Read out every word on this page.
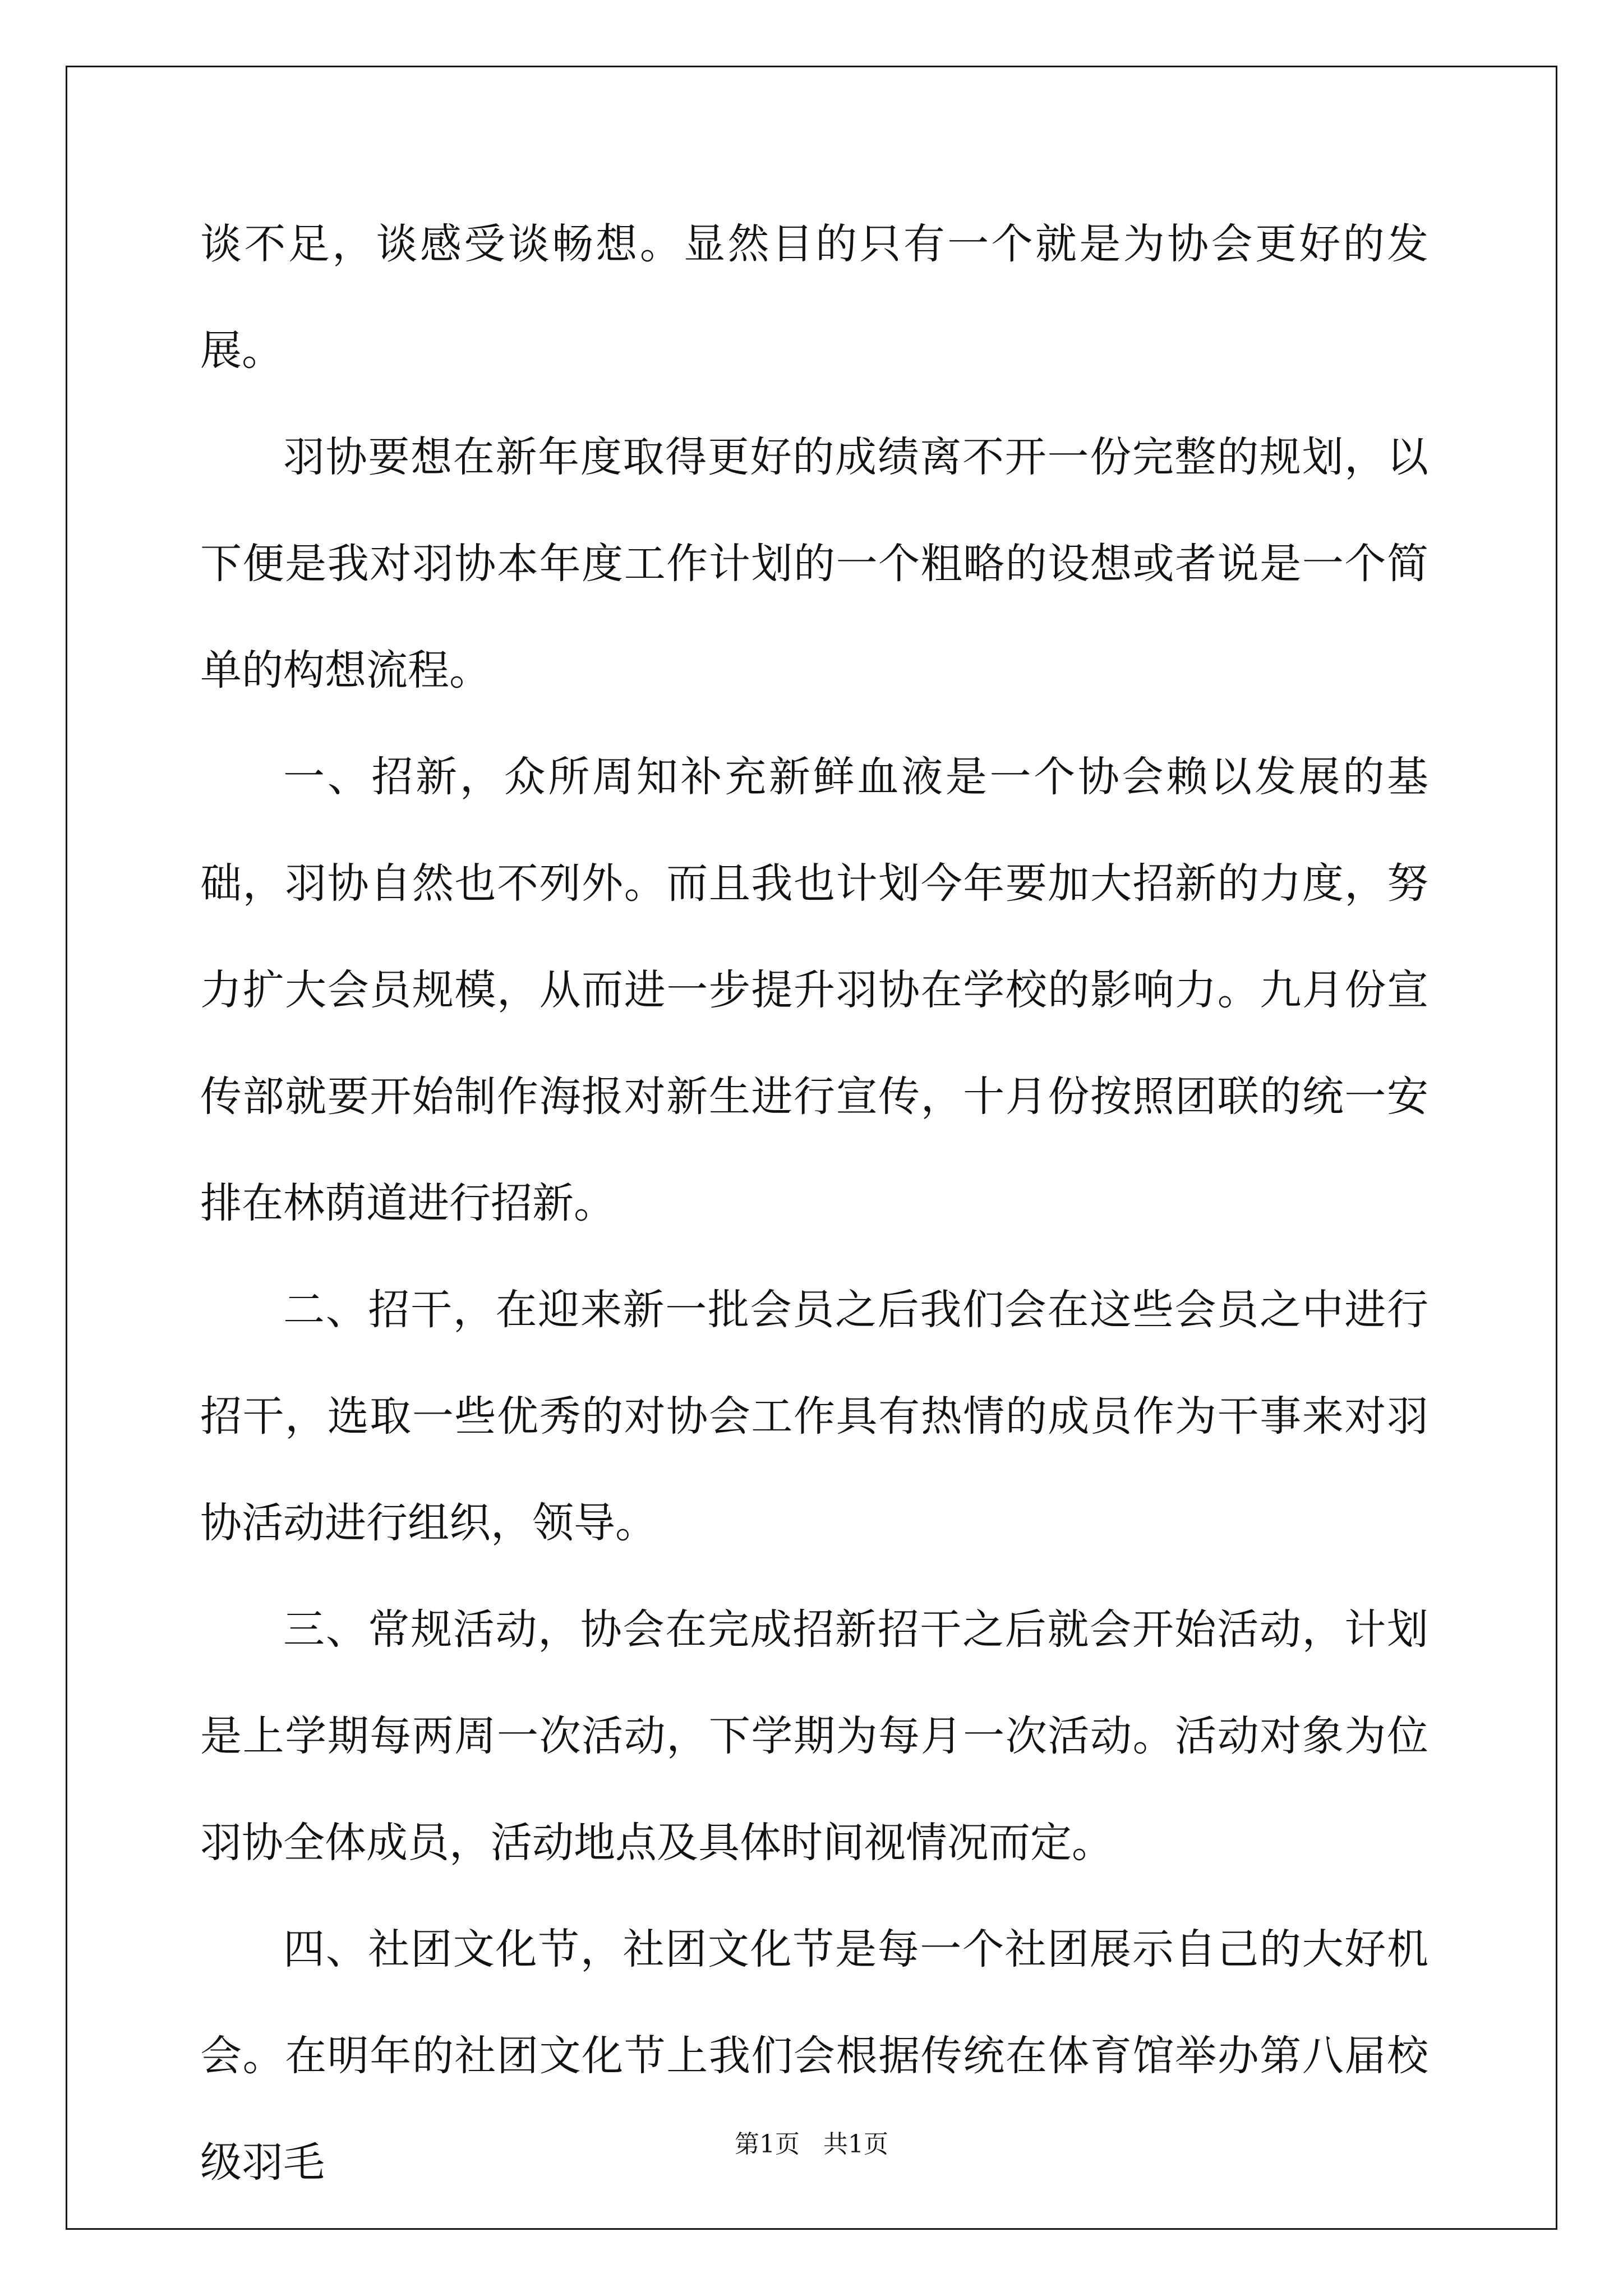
谈不足，谈感受谈畅想。显然目的只有一个就是为协会更好的发展。

羽协要想在新年度取得更好的成绩离不开一份完整的规划，以下便是我对羽协本年度工作计划的一个粗略的设想或者说是一个简单的构想流程。

一、招新，众所周知补充新鲜血液是一个协会赖以发展的基础，羽协自然也不列外。而且我也计划今年要加大招新的力度，努力扩大会员规模，从而进一步提升羽协在学校的影响力。九月份宣传部就要开始制作海报对新生进行宣传，十月份按照团联的统一安排在林荫道进行招新。

二、招干，在迎来新一批会员之后我们会在这些会员之中进行招干，选取一些优秀的对协会工作具有热情的成员作为干事来对羽协活动进行组织，领导。

三、常规活动，协会在完成招新招干之后就会开始活动，计划是上学期每两周一次活动，下学期为每月一次活动。活动对象为位羽协全体成员，活动地点及具体时间视情况而定。

四、社团文化节，社团文化节是每一个社团展示自己的大好机会。在明年的社团文化节上我们会根据传统在体育馆举办第八届校级羽毛	第1页   共1页
